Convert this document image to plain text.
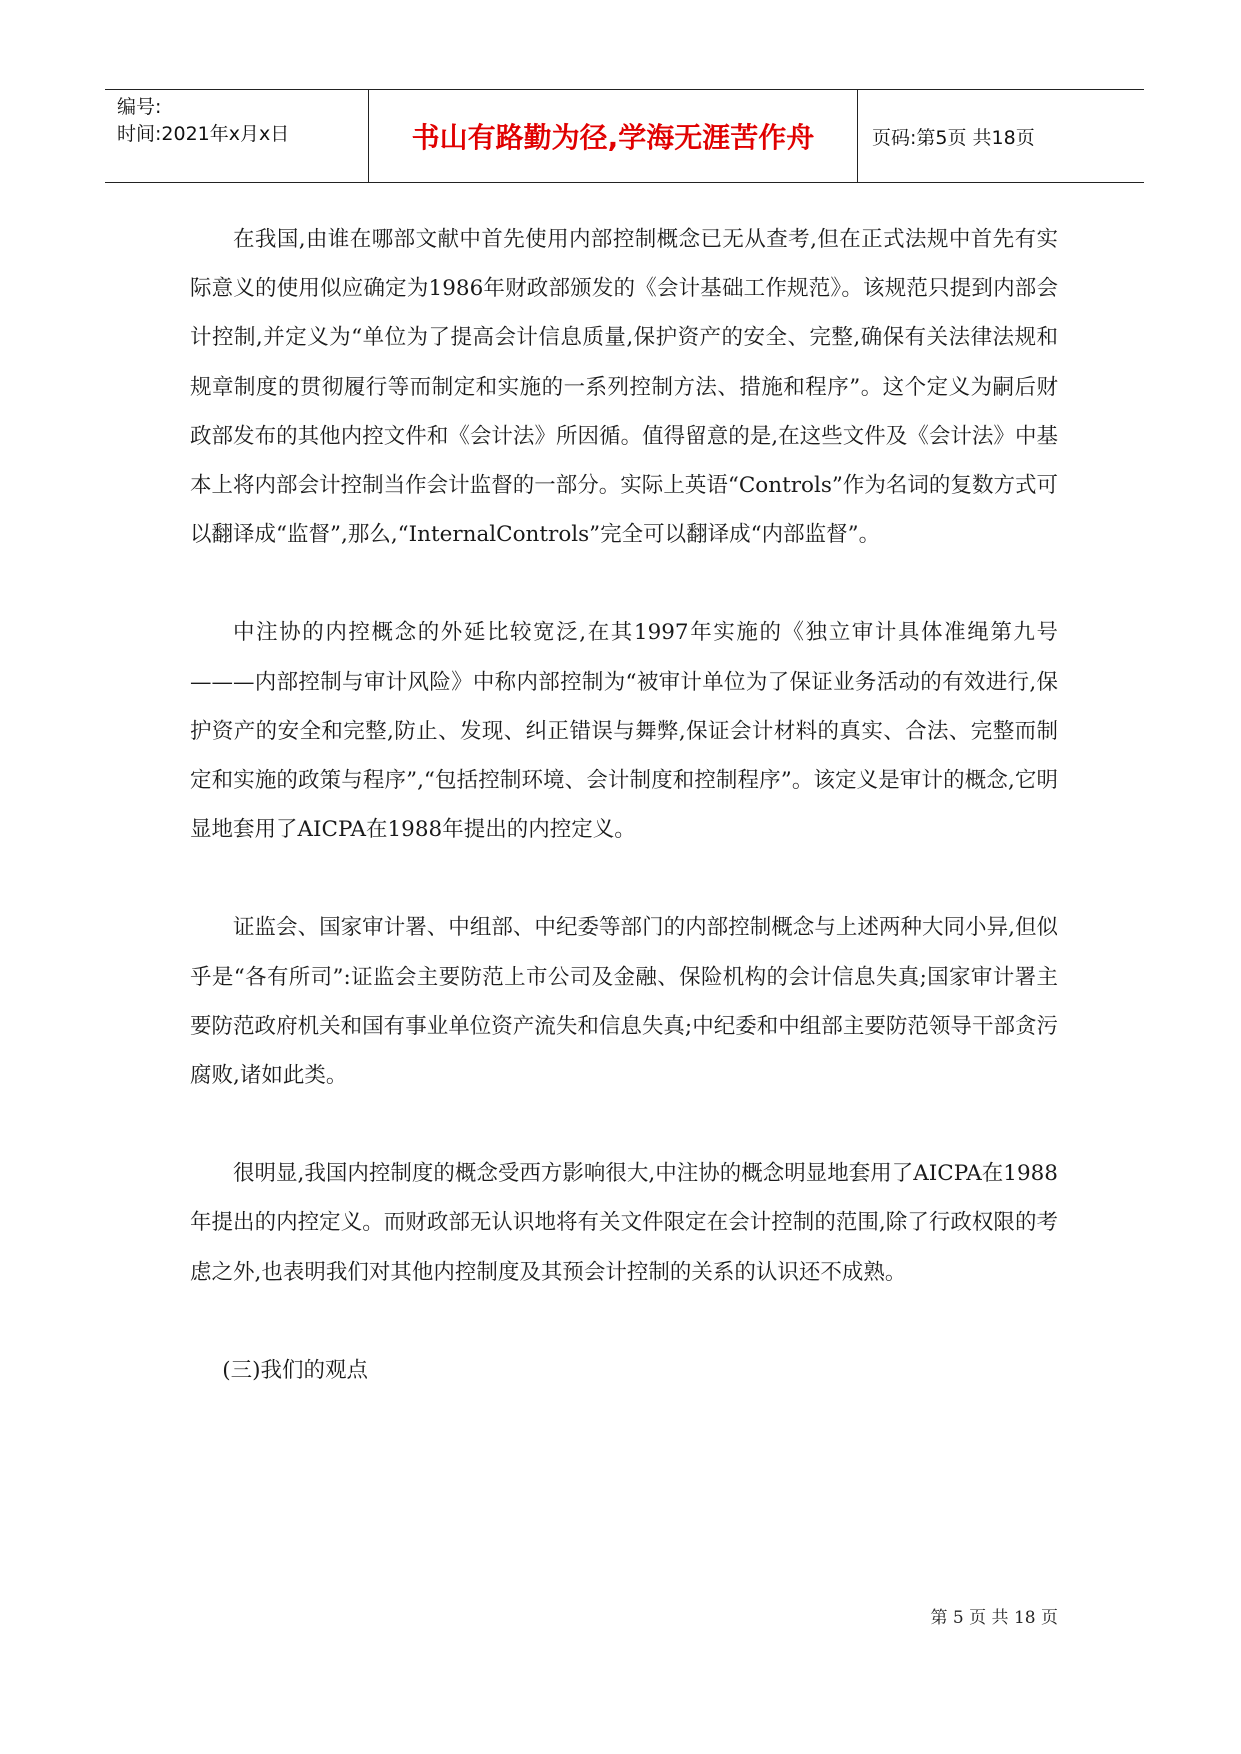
编号:
时间:2021年x月x日	书山有路勤为径,学海无涯苦作舟	页码:第5页 共18页

在我国,由谁在哪部文献中首先使用内部控制概念已无从查考,但在正式法规中首先有实际意义的使用似应确定为1986年财政部颁发的《会计基础工作规范》。该规范只提到内部会计控制,并定义为“单位为了提高会计信息质量,保护资产的安全、完整,确保有关法律法规和规章制度的贯彻履行等而制定和实施的一系列控制方法、措施和程序”。这个定义为嗣后财政部发布的其他内控文件和《会计法》所因循。值得留意的是,在这些文件及《会计法》中基本上将内部会计控制当作会计监督的一部分。实际上英语“Controls”作为名词的复数方式可以翻译成“监督”,那么,“InternalControls”完全可以翻译成“内部监督”。

中注协的内控概念的外延比较宽泛,在其1997年实施的《独立审计具体准绳第九号———内部控制与审计风险》中称内部控制为“被审计单位为了保证业务活动的有效进行,保护资产的安全和完整,防止、发现、纠正错误与舞弊,保证会计材料的真实、合法、完整而制定和实施的政策与程序”,“包括控制环境、会计制度和控制程序”。该定义是审计的概念,它明显地套用了AICPA在1988年提出的内控定义。

证监会、国家审计署、中组部、中纪委等部门的内部控制概念与上述两种大同小异,但似乎是“各有所司”:证监会主要防范上市公司及金融、保险机构的会计信息失真;国家审计署主要防范政府机关和国有事业单位资产流失和信息失真;中纪委和中组部主要防范领导干部贪污腐败,诸如此类。

很明显,我国内控制度的概念受西方影响很大,中注协的概念明显地套用了AICPA在1988年提出的内控定义。而财政部无认识地将有关文件限定在会计控制的范围,除了行政权限的考虑之外,也表明我们对其他内控制度及其预会计控制的关系的认识还不成熟。

(三)我们的观点

第 5 页 共 18 页
